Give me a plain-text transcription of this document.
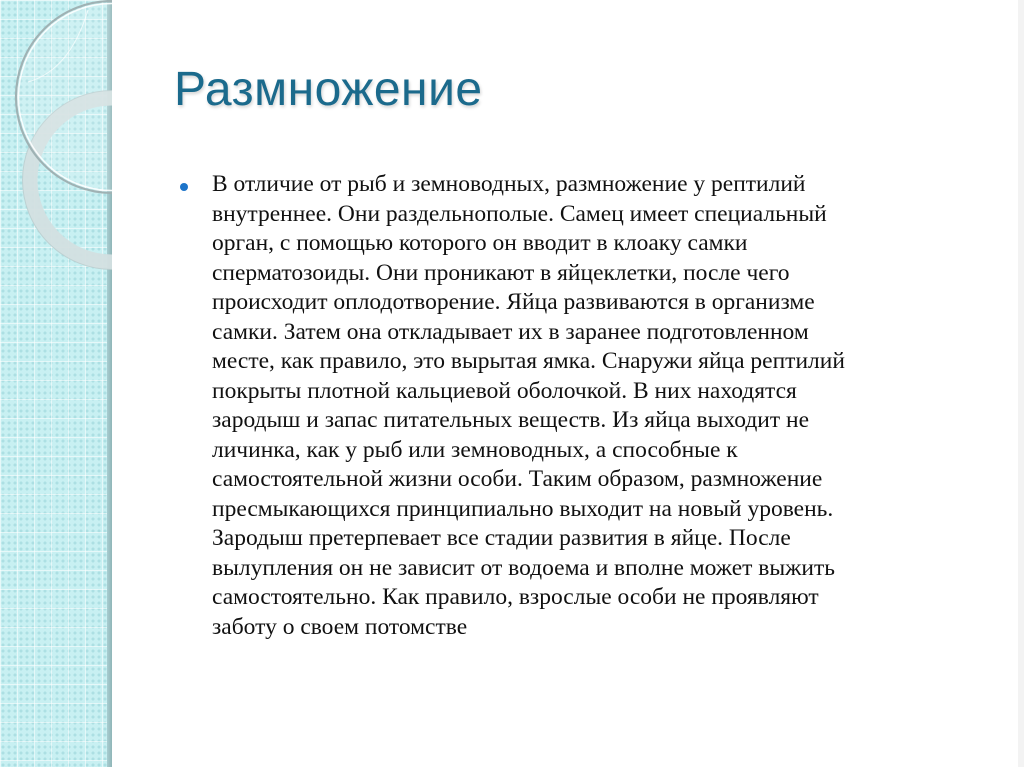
Размножение
В отличие от рыб и земноводных, размножение у рептилий
внутреннее. Они раздельнополые. Самец имеет специальный
орган, с помощью которого он вводит в клоаку самки
сперматозоиды. Они проникают в яйцеклетки, после чего
происходит оплодотворение. Яйца развиваются в организме
самки. Затем она откладывает их в заранее подготовленном
месте, как правило, это вырытая ямка. Снаружи яйца рептилий
покрыты плотной кальциевой оболочкой. В них находятся
зародыш и запас питательных веществ. Из яйца выходит не
личинка, как у рыб или земноводных, а способные к
самостоятельной жизни особи. Таким образом, размножение
пресмыкающихся принципиально выходит на новый уровень.
Зародыш претерпевает все стадии развития в яйце. После
вылупления он не зависит от водоема и вполне может выжить
самостоятельно. Как правило, взрослые особи не проявляют
заботу о своем потомстве
